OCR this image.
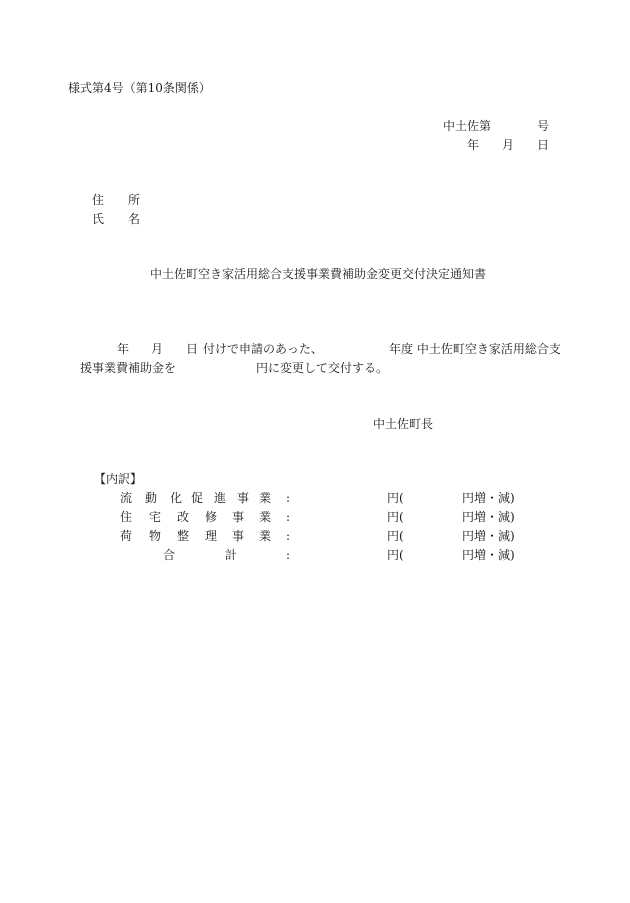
様式第4号（第10条関係）
中土佐第	号
年 月 日
住 所
氏 名
中土佐町空き家活用総合支援事業費補助金変更交付決定通知書
年 月 日 付けで申請のあった、	年度 中土佐町空き家活用総合支
援事業費補助金を	円に変更して交付する。
中土佐町長
【内訳】
流 動 化 促 進 事 業 :	円(	円増・減)
住 宅 改 修 事 業 :	円(	円増・減)
荷 物 整 理 事 業 :	円(	円増・減)
合	計	:	円(	円増・減)
